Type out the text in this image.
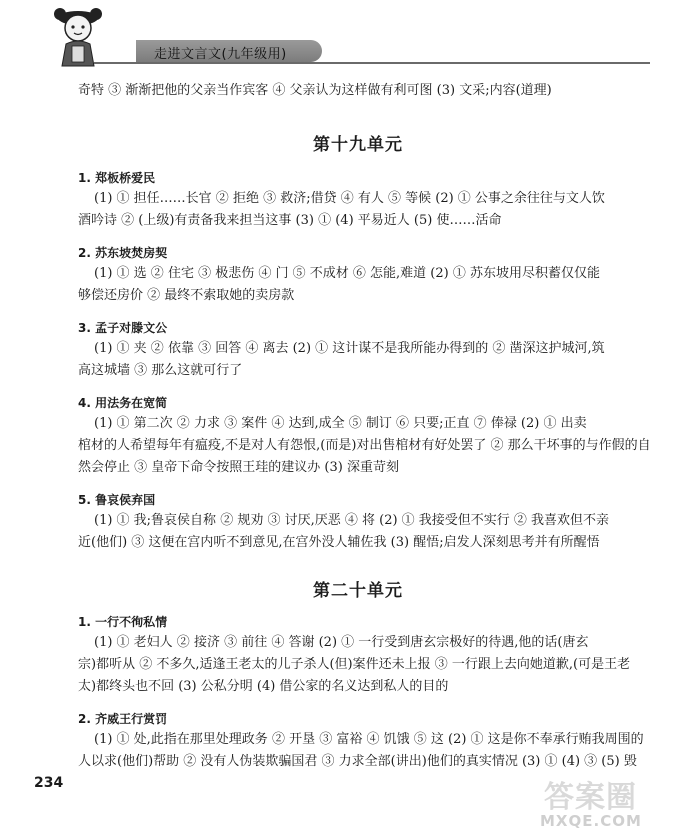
走进文言文(九年级用)

奇特 ③ 渐渐把他的父亲当作宾客 ④ 父亲认为这样做有利可图 (3) 文采;内容(道理)

第十九单元

1. 郑板桥爱民

(1) ① 担任……长官 ② 拒绝 ③ 救济;借贷 ④ 有人 ⑤ 等候 (2) ① 公事之余往往与文人饮

酒吟诗 ② (上级)有责备我来担当这事 (3) ① (4) 平易近人 (5) 使……活命

2. 苏东坡焚房契

(1) ① 选 ② 住宅 ③ 极悲伤 ④ 门 ⑤ 不成材 ⑥ 怎能,难道 (2) ① 苏东坡用尽积蓄仅仅能

够偿还房价 ② 最终不索取她的卖房款

3. 孟子对滕文公

(1) ① 夹 ② 依靠 ③ 回答 ④ 离去 (2) ① 这计谋不是我所能办得到的 ② 凿深这护城河,筑

高这城墙 ③ 那么这就可行了

4. 用法务在宽简

(1) ① 第二次 ② 力求 ③ 案件 ④ 达到,成全 ⑤ 制订 ⑥ 只要;正直 ⑦ 俸禄 (2) ① 出卖

棺材的人希望每年有瘟疫,不是对人有怨恨,(而是)对出售棺材有好处罢了 ② 那么干坏事的与作假的自

然会停止 ③ 皇帝下命令按照王珪的建议办 (3) 深重苛刻

5. 鲁哀侯弃国

(1) ① 我;鲁哀侯自称 ② 规劝 ③ 讨厌,厌恶 ④ 将 (2) ① 我接受但不实行 ② 我喜欢但不亲

近(他们) ③ 这便在宫内听不到意见,在宫外没人辅佐我 (3) 醒悟;启发人深刻思考并有所醒悟

第二十单元

1. 一行不徇私情

(1) ① 老妇人 ② 接济 ③ 前往 ④ 答谢 (2) ① 一行受到唐玄宗极好的待遇,他的话(唐玄

宗)都听从 ② 不多久,适逢王老太的儿子杀人(但)案件还未上报 ③ 一行跟上去向她道歉,(可是王老

太)都终头也不回 (3) 公私分明 (4) 借公家的名义达到私人的目的

2. 齐威王行赏罚

(1) ① 处,此指在那里处理政务 ② 开垦 ③ 富裕 ④ 饥饿 ⑤ 这 (2) ① 这是你不奉承行贿我周围的

人以求(他们)帮助 ② 没有人伪装欺骗国君 ③ 力求全部(讲出)他们的真实情况 (3) ① (4) ③ (5) 毁

234	答案圈
MXQE.COM
